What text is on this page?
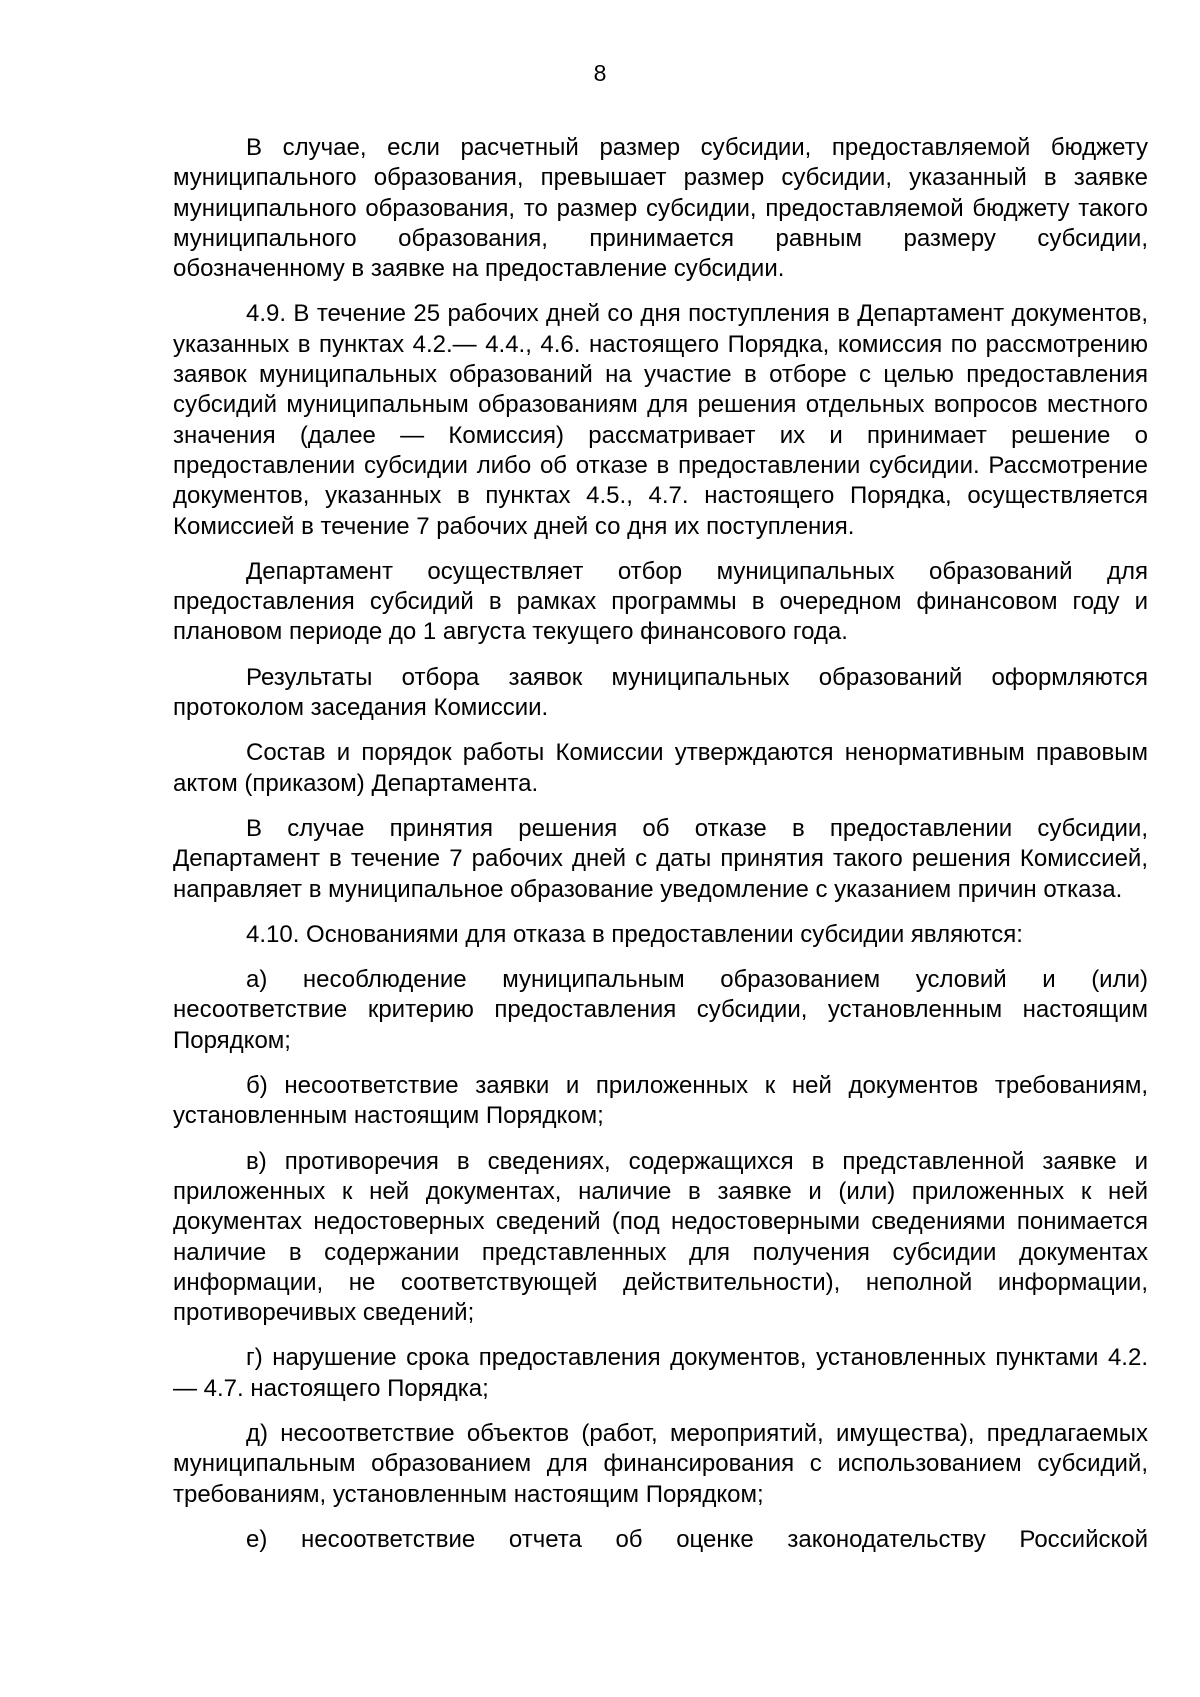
8

В случае, если расчетный размер субсидии, предоставляемой бюджету муниципального образования, превышает размер субсидии, указанный в заявке муниципального образования, то размер субсидии, предоставляемой бюджету такого муниципального образования, принимается равным размеру субсидии, обозначенному в заявке на предоставление субсидии.

4.9. В течение 25 рабочих дней со дня поступления в Департамент документов, указанных в пунктах 4.2.— 4.4., 4.6. настоящего Порядка, комиссия по рассмотрению заявок муниципальных образований на участие в отборе с целью предоставления субсидий муниципальным образованиям для решения отдельных вопросов местного значения (далее — Комиссия) рассматривает их и принимает решение о предоставлении субсидии либо об отказе в предоставлении субсидии. Рассмотрение документов, указанных в пунктах 4.5., 4.7. настоящего Порядка, осуществляется Комиссией в течение 7 рабочих дней со дня их поступления.

Департамент осуществляет отбор муниципальных образований для предоставления субсидий в рамках программы в очередном финансовом году и плановом периоде до 1 августа текущего финансового года.

Результаты отбора заявок муниципальных образований оформляются протоколом заседания Комиссии.

Состав и порядок работы Комиссии утверждаются ненормативным правовым актом (приказом) Департамента.

В случае принятия решения об отказе в предоставлении субсидии, Департамент в течение 7 рабочих дней с даты принятия такого решения Комиссией, направляет в муниципальное образование уведомление с указанием причин отказа.

4.10. Основаниями для отказа в предоставлении субсидии являются:

а) несоблюдение муниципальным образованием условий и (или) несоответствие критерию предоставления субсидии, установленным настоящим Порядком;

б) несоответствие заявки и приложенных к ней документов требованиям, установленным настоящим Порядком;

в) противоречия в сведениях, содержащихся в представленной заявке и приложенных к ней документах, наличие в заявке и (или) приложенных к ней документах недостоверных сведений (под недостоверными сведениями понимается наличие в содержании представленных для получения субсидии документах информации, не соответствующей действительности), неполной информации, противоречивых сведений;

г) нарушение срока предоставления документов, установленных пунктами 4.2. — 4.7. настоящего Порядка;

д) несоответствие объектов (работ, мероприятий, имущества), предлагаемых муниципальным образованием для финансирования с использованием субсидий, требованиям, установленным настоящим Порядком;

е) несоответствие отчета об оценке законодательству Российской
